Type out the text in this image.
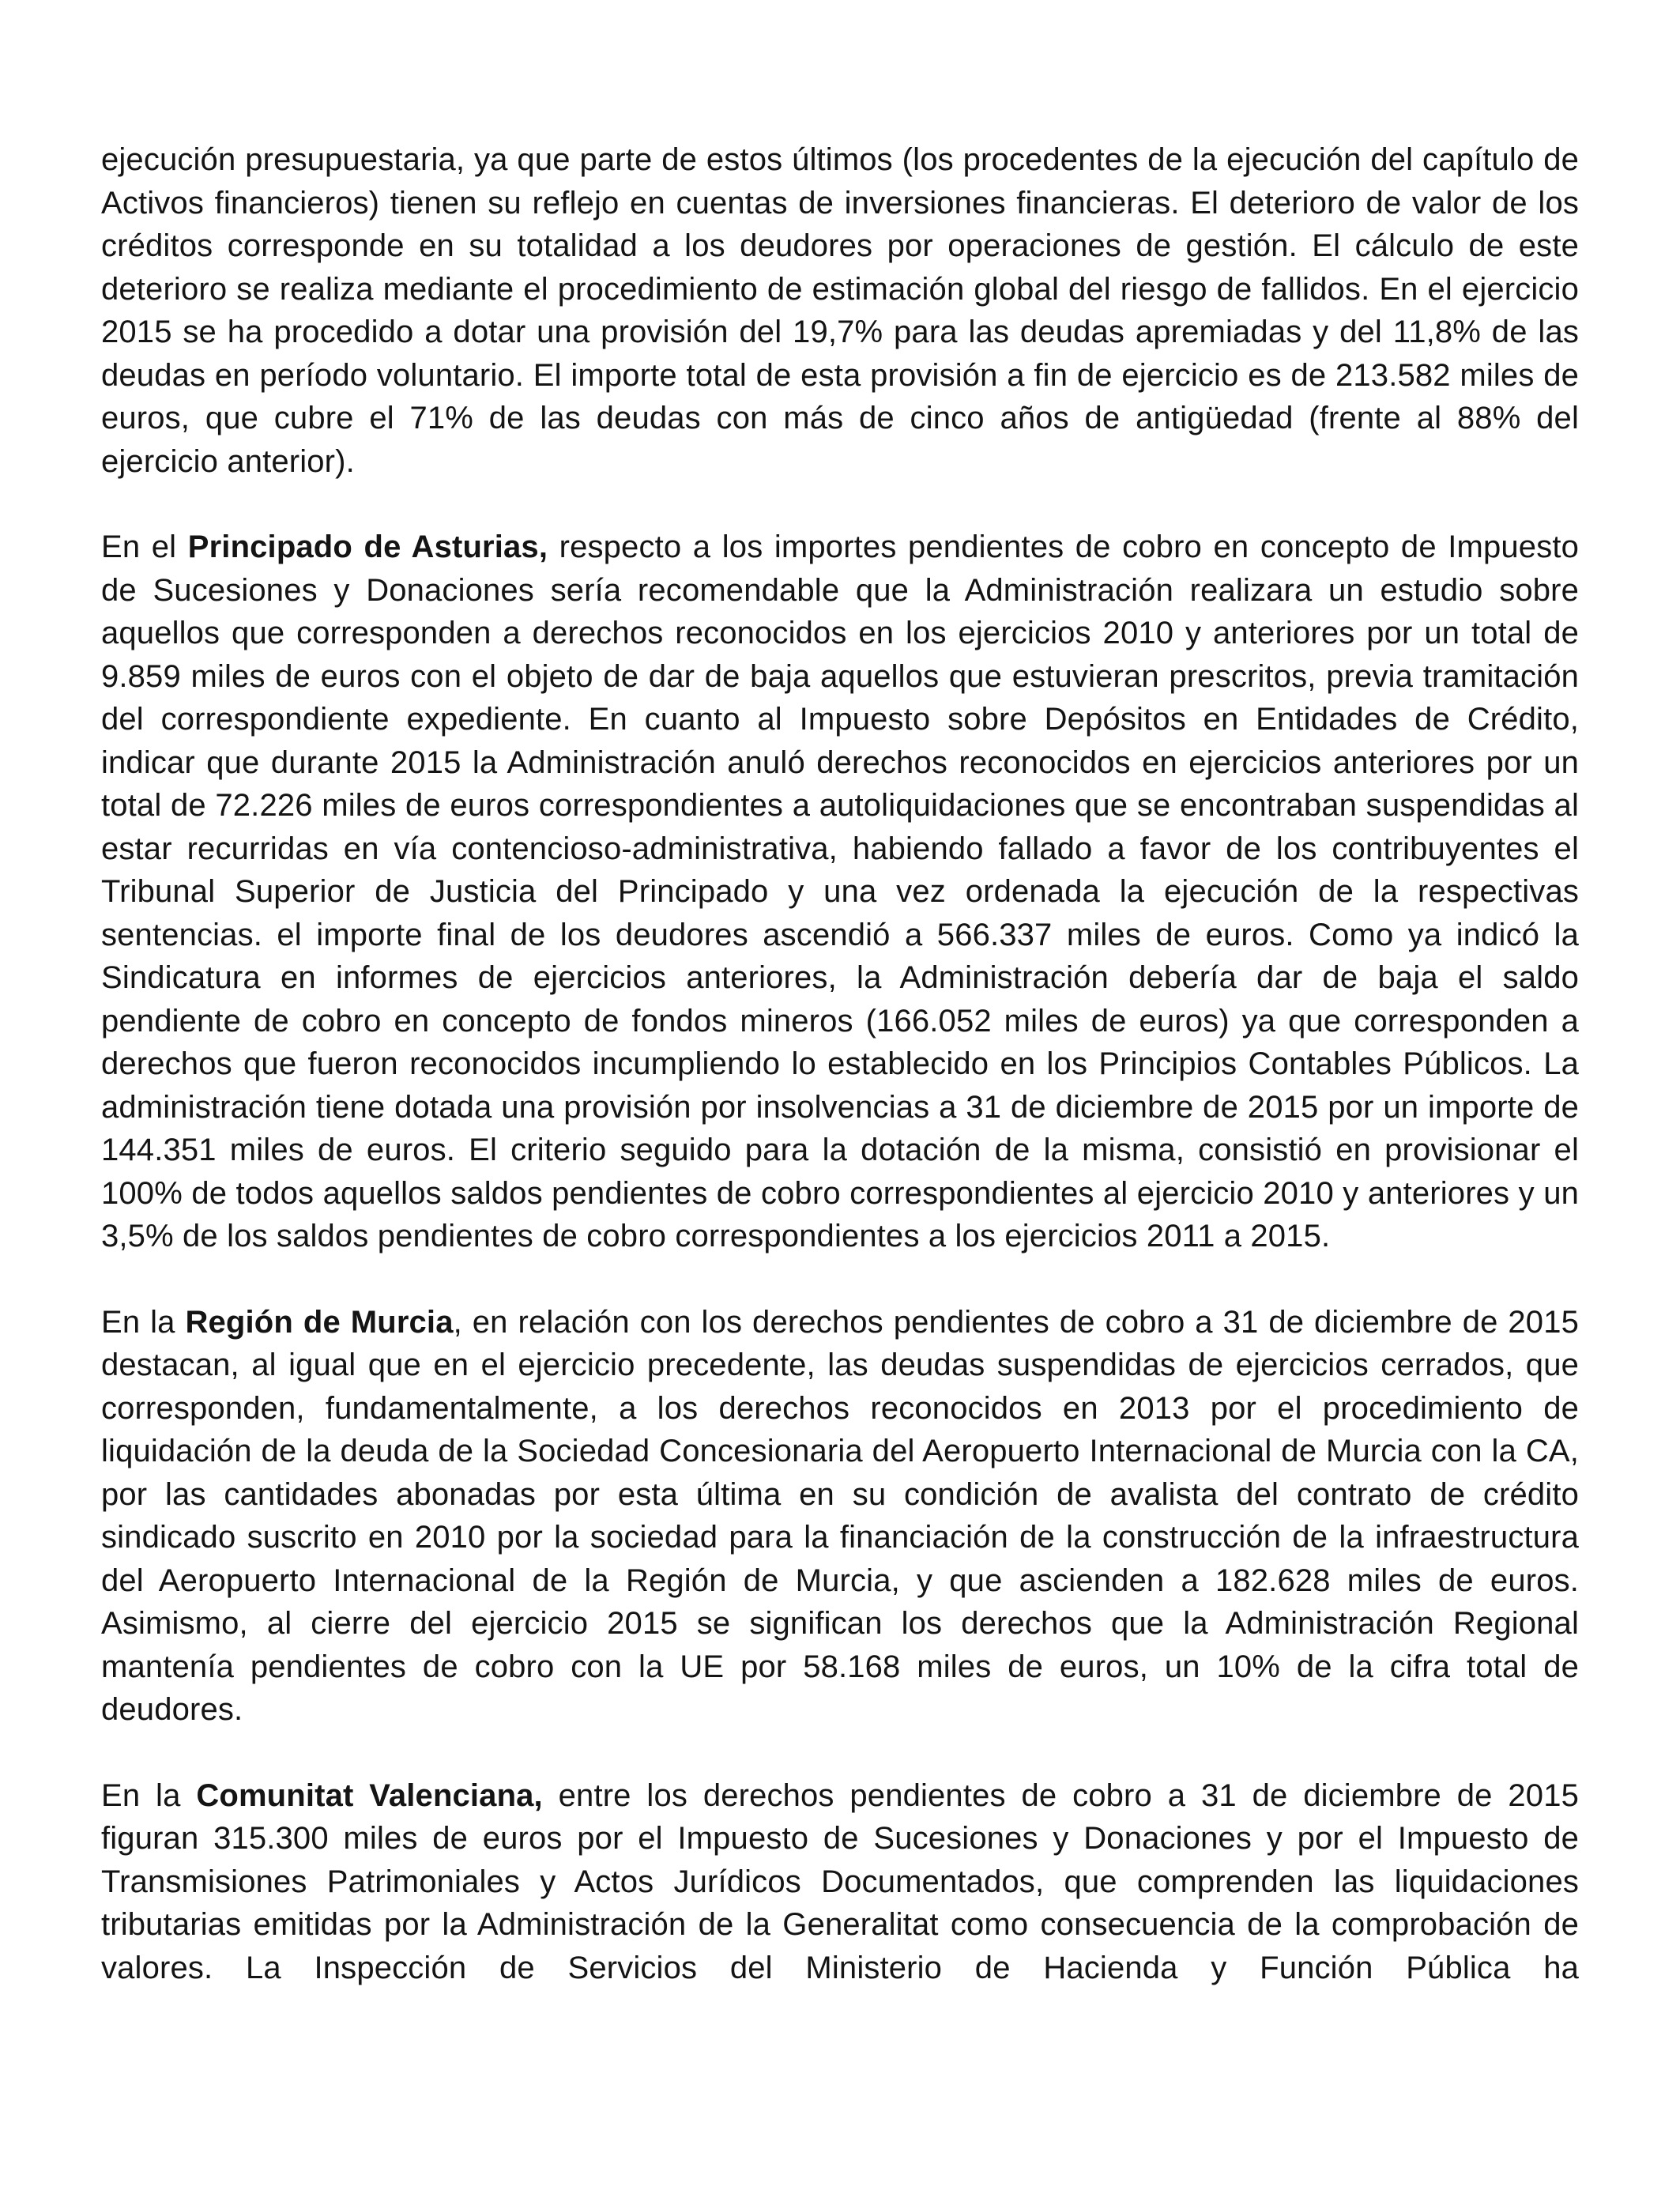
ejecución presupuestaria, ya que parte de estos últimos (los procedentes de la ejecución del capítulo de Activos financieros) tienen su reflejo en cuentas de inversiones financieras. El deterioro de valor de los créditos corresponde en su totalidad a los deudores por operaciones de gestión. El cálculo de este deterioro se realiza mediante el procedimiento de estimación global del riesgo de fallidos. En el ejercicio 2015 se ha procedido a dotar una provisión del 19,7% para las deudas apremiadas y del 11,8% de las deudas en período voluntario. El importe total de esta provisión a fin de ejercicio es de 213.582 miles de euros, que cubre el 71% de las deudas con más de cinco años de antigüedad (frente al 88% del ejercicio anterior).

En el Principado de Asturias, respecto a los importes pendientes de cobro en concepto de Impuesto de Sucesiones y Donaciones sería recomendable que la Administración realizara un estudio sobre aquellos que corresponden a derechos reconocidos en los ejercicios 2010 y anteriores por un total de 9.859 miles de euros con el objeto de dar de baja aquellos que estuvieran prescritos, previa tramitación del correspondiente expediente. En cuanto al Impuesto sobre Depósitos en Entidades de Crédito, indicar que durante 2015 la Administración anuló derechos reconocidos en ejercicios anteriores por un total de 72.226 miles de euros correspondientes a autoliquidaciones que se encontraban suspendidas al estar recurridas en vía contencioso-administrativa, habiendo fallado a favor de los contribuyentes el Tribunal Superior de Justicia del Principado y una vez ordenada la ejecución de la respectivas sentencias. el importe final de los deudores ascendió a 566.337 miles de euros. Como ya indicó la Sindicatura en informes de ejercicios anteriores, la Administración debería dar de baja el saldo pendiente de cobro en concepto de fondos mineros (166.052 miles de euros) ya que corresponden a derechos que fueron reconocidos incumpliendo lo establecido en los Principios Contables Públicos. La administración tiene dotada una provisión por insolvencias a 31 de diciembre de 2015 por un importe de 144.351 miles de euros. El criterio seguido para la dotación de la misma, consistió en provisionar el 100% de todos aquellos saldos pendientes de cobro correspondientes al ejercicio 2010 y anteriores y un 3,5% de los saldos pendientes de cobro correspondientes a los ejercicios 2011 a 2015.

En la Región de Murcia, en relación con los derechos pendientes de cobro a 31 de diciembre de 2015 destacan, al igual que en el ejercicio precedente, las deudas suspendidas de ejercicios cerrados, que corresponden, fundamentalmente, a los derechos reconocidos en 2013 por el procedimiento de liquidación de la deuda de la Sociedad Concesionaria del Aeropuerto Internacional de Murcia con la CA, por las cantidades abonadas por esta última en su condición de avalista del contrato de crédito sindicado suscrito en 2010 por la sociedad para la financiación de la construcción de la infraestructura del Aeropuerto Internacional de la Región de Murcia, y que ascienden a 182.628 miles de euros. Asimismo, al cierre del ejercicio 2015 se significan los derechos que la Administración Regional mantenía pendientes de cobro con la UE por 58.168 miles de euros, un 10% de la cifra total de deudores.

En la Comunitat Valenciana, entre los derechos pendientes de cobro a 31 de diciembre de 2015 figuran 315.300 miles de euros por el Impuesto de Sucesiones y Donaciones y por el Impuesto de Transmisiones Patrimoniales y Actos Jurídicos Documentados, que comprenden las liquidaciones tributarias emitidas por la Administración de la Generalitat como consecuencia de la comprobación de valores. La Inspección de Servicios del Ministerio de Hacienda y Función Pública ha
